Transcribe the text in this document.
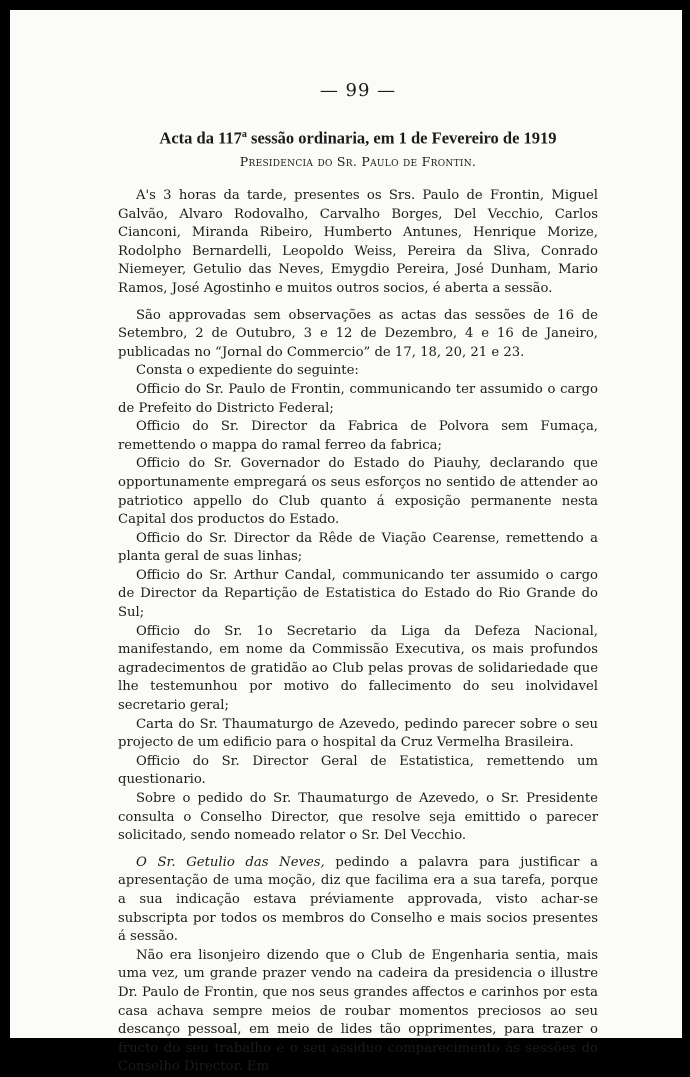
— 99 —
Acta da 117$^a$ sessão ordinaria, em 1 de Fevereiro de 1919
Presidencia do Sr. Paulo de Frontin.

A's 3 horas da tarde, presentes os Srs. Paulo de Frontin, Miguel Galvão, Alvaro Rodovalho, Carvalho Borges, Del Vecchio, Carlos Cianconi, Miranda Ribeiro, Humberto Antunes, Henrique Morize, Rodolpho Bernardelli, Leopoldo Weiss, Pereira da Sliva, Conrado Niemeyer, Getulio das Neves, Emygdio Pereira, José Dunham, Mario Ramos, José Agostinho e muitos outros socios, é aberta a sessão.

São approvadas sem observações as actas das sessões de 16 de Setembro, 2 de Outubro, 3 e 12 de Dezembro, 4 e 16 de Janeiro, publicadas no “Jornal do Commercio” de 17, 18, 20, 21 e 23.

Consta o expediente do seguinte:

Officio do Sr. Paulo de Frontin, communicando ter assumido o cargo de Prefeito do Districto Federal;

Officio do Sr. Director da Fabrica de Polvora sem Fumaça, remettendo o mappa do ramal ferreo da fabrica;

Officio do Sr. Governador do Estado do Piauhy, declarando que opportunamente empregará os seus esforços no sentido de attender ao patriotico appello do Club quanto á exposição permanente nesta Capital dos productos do Estado.

Officio do Sr. Director da Rêde de Viação Cearense, remettendo a planta geral de suas linhas;

Officio do Sr. Arthur Candal, communicando ter assumido o cargo de Director da Repartição de Estatistica do Estado do Rio Grande do Sul;

Officio do Sr. 1o Secretario da Liga da Defeza Nacional, manifestando, em nome da Commissão Executiva, os mais profundos agradecimentos de gratidão ao Club pelas provas de solidariedade que lhe testemunhou por motivo do fallecimento do seu inolvidavel secretario geral;

Carta do Sr. Thaumaturgo de Azevedo, pedindo parecer sobre o seu projecto de um edificio para o hospital da Cruz Vermelha Brasileira.

Officio do Sr. Director Geral de Estatistica, remettendo um questionario.

Sobre o pedido do Sr. Thaumaturgo de Azevedo, o Sr. Presidente consulta o Conselho Director, que resolve seja emittido o parecer solicitado, sendo nomeado relator o Sr. Del Vecchio.

O Sr. Getulio das Neves, pedindo a palavra para justificar a apresentação de uma moção, diz que facilima era a sua tarefa, porque a sua indicação estava préviamente approvada, visto achar-se subscripta por todos os membros do Conselho e mais socios presentes á sessão.

Não era lisonjeiro dizendo que o Club de Engenharia sentia, mais uma vez, um grande prazer vendo na cadeira da presidencia o illustre Dr. Paulo de Frontin, que nos seus grandes affectos e carinhos por esta casa achava sempre meios de roubar momentos preciosos ao seu descanço pessoal, em meio de lides tão opprimentes, para trazer o fructo do seu trabalho e o seu assiduo comparecimento ás sessões do Conselho Director. Em
